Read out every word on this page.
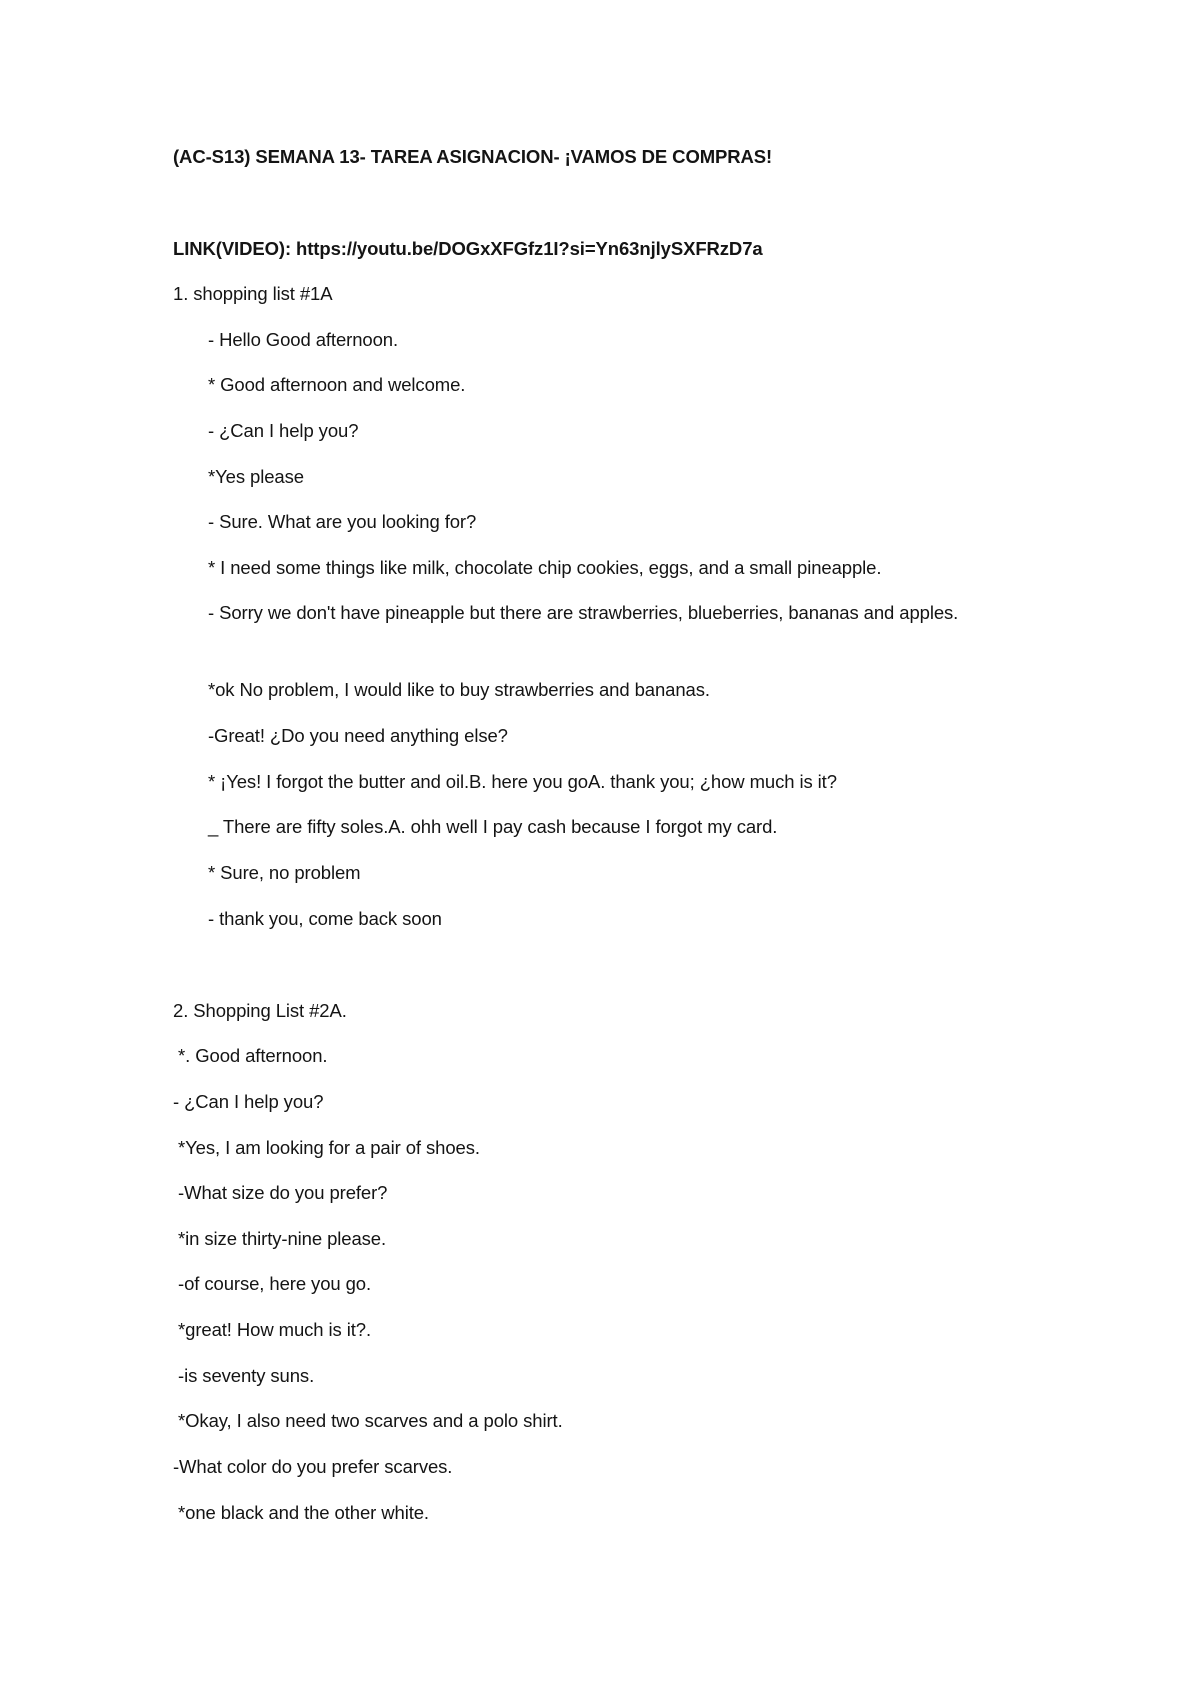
(AC-S13) SEMANA 13- TAREA ASIGNACION- ¡VAMOS DE COMPRAS!
LINK(VIDEO): https://youtu.be/DOGxXFGfz1I?si=Yn63njlySXFRzD7a
1. shopping list #1A
- Hello Good afternoon.
* Good afternoon and welcome.
- ¿Can I help you?
*Yes please
- Sure. What are you looking for?
* I need some things like milk, chocolate chip cookies, eggs, and a small pineapple.
- Sorry we don't have pineapple but there are strawberries, blueberries, bananas and apples.
*ok No problem, I would like to buy strawberries and bananas.
-Great! ¿Do you need anything else?
* ¡Yes! I forgot the butter and oil.B. here you goA. thank you; ¿how much is it?
_ There are fifty soles.A. ohh well I pay cash because I forgot my card.
* Sure, no problem
- thank you, come back soon
2. Shopping List #2A.
*. Good afternoon.
- ¿Can I help you?
*Yes, I am looking for a pair of shoes.
-What size do you prefer?
*in size thirty-nine please.
-of course, here you go.
*great! How much is it?.
-is seventy suns.
*Okay, I also need two scarves and a polo shirt.
-What color do you prefer scarves.
*one black and the other white.
